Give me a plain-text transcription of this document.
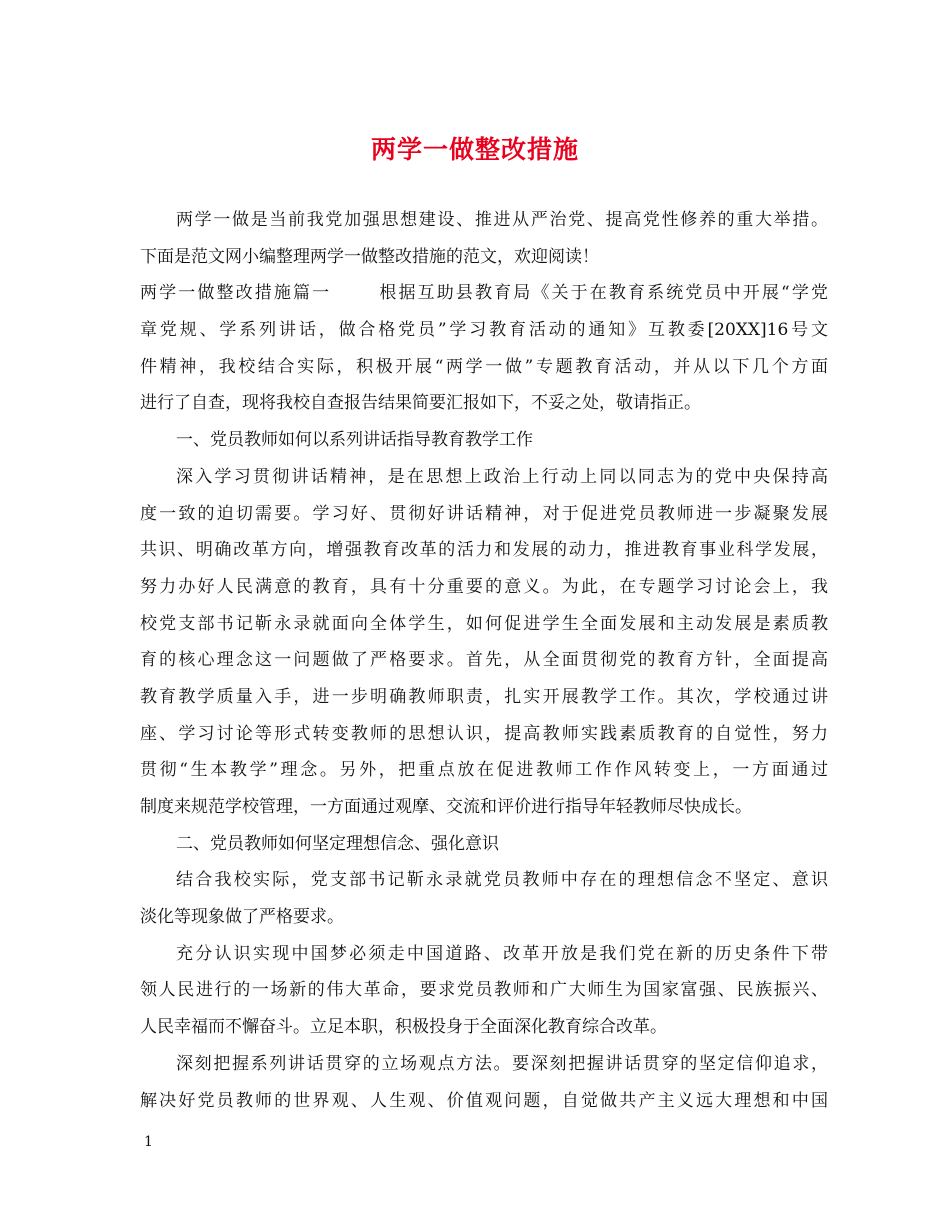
两学一做整改措施
两学一做是当前我党加强思想建设、推进从严治党、提高党性修养的重大举措。
下面是范文网小编整理两学一做整改措施的范文，欢迎阅读！
两学一做整改措施篇一	根据互助县教育局《关于在教育系统党员中开展“学党
章党规、学系列讲话，做合格党员”学习教育活动的通知》互教委[20XX]16号文
件精神，我校结合实际，积极开展“两学一做”专题教育活动，并从以下几个方面
进行了自查，现将我校自查报告结果简要汇报如下，不妥之处，敬请指正。
一、党员教师如何以系列讲话指导教育教学工作
深入学习贯彻讲话精神，是在思想上政治上行动上同以同志为的党中央保持高
度一致的迫切需要。学习好、贯彻好讲话精神，对于促进党员教师进一步凝聚发展
共识、明确改革方向，增强教育改革的活力和发展的动力，推进教育事业科学发展，
努力办好人民满意的教育，具有十分重要的意义。为此，在专题学习讨论会上，我
校党支部书记靳永录就面向全体学生，如何促进学生全面发展和主动发展是素质教
育的核心理念这一问题做了严格要求。首先，从全面贯彻党的教育方针，全面提高
教育教学质量入手，进一步明确教师职责，扎实开展教学工作。其次，学校通过讲
座、学习讨论等形式转变教师的思想认识，提高教师实践素质教育的自觉性，努力
贯彻“生本教学”理念。另外，把重点放在促进教师工作作风转变上，一方面通过
制度来规范学校管理，一方面通过观摩、交流和评价进行指导年轻教师尽快成长。
二、党员教师如何坚定理想信念、强化意识
结合我校实际，党支部书记靳永录就党员教师中存在的理想信念不坚定、意识
淡化等现象做了严格要求。
充分认识实现中国梦必须走中国道路、改革开放是我们党在新的历史条件下带
领人民进行的一场新的伟大革命，要求党员教师和广大师生为国家富强、民族振兴、
人民幸福而不懈奋斗。立足本职，积极投身于全面深化教育综合改革。
深刻把握系列讲话贯穿的立场观点方法。要深刻把握讲话贯穿的坚定信仰追求，
解决好党员教师的世界观、人生观、价值观问题，自觉做共产主义远大理想和中国
1
